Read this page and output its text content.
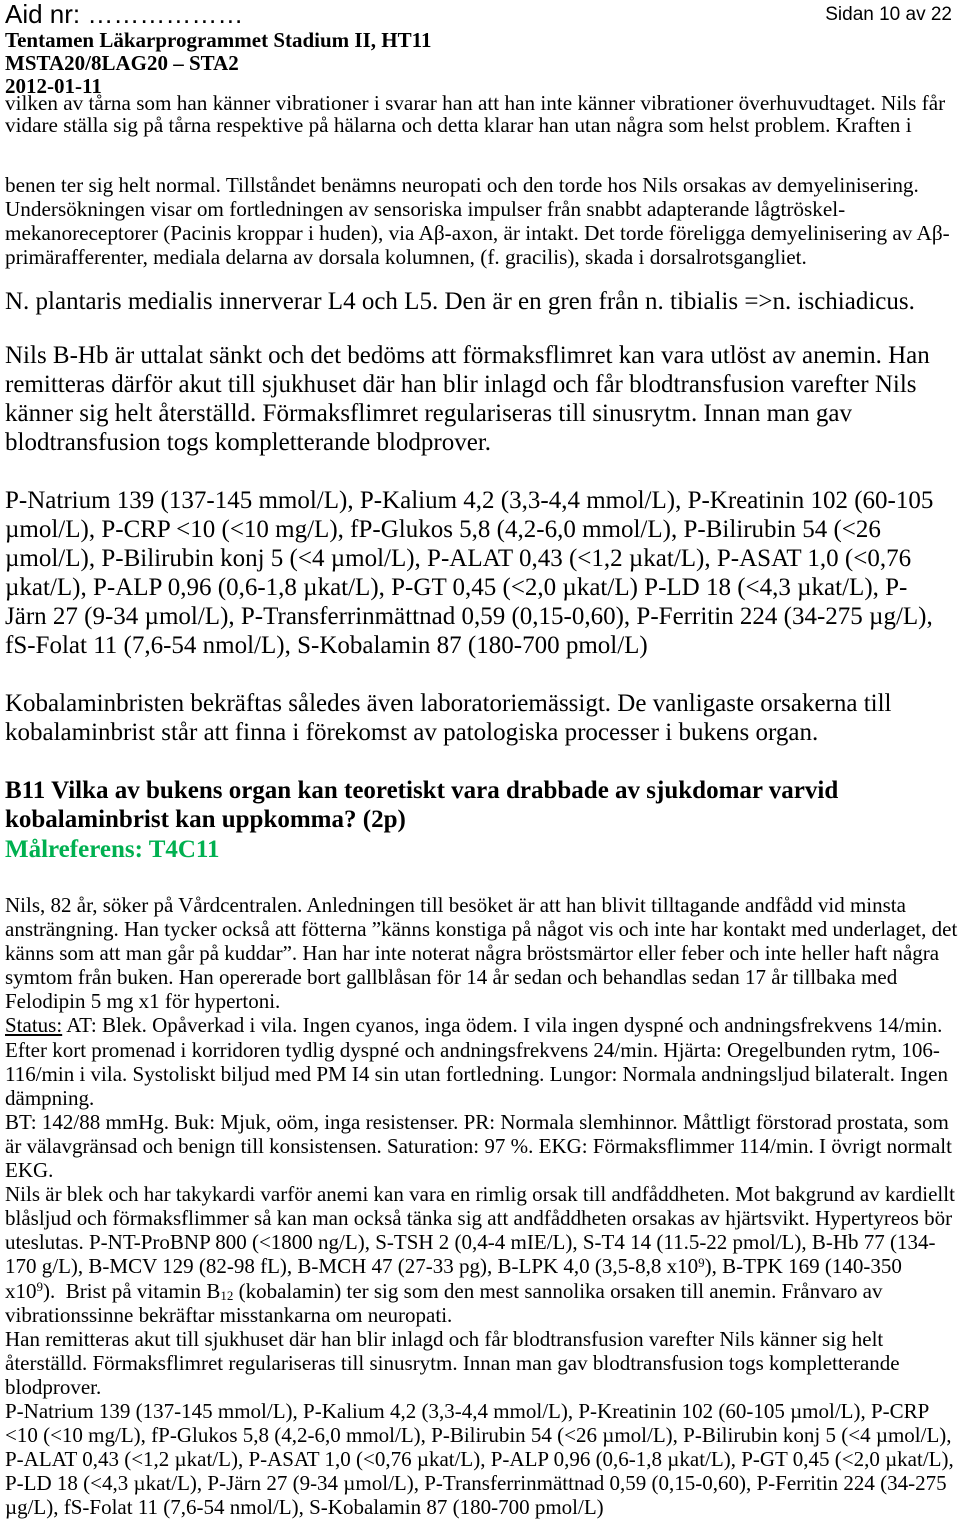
Aid nr: ………………	Sidan 10 av 22
Tentamen Läkarprogrammet Stadium II, HT11
MSTA20/8LAG20 – STA2
2012-01-11
vilken av tårna som han känner vibrationer i svarar han att han inte känner vibrationer överhuvudtaget. Nils får
vidare ställa sig på tårna respektive på hälarna och detta klarar han utan några som helst problem. Kraften i
benen ter sig helt normal. Tillståndet benämns neuropati och den torde hos Nils orsakas av demyelinisering.
Undersökningen visar om fortledningen av sensoriska impulser från snabbt adapterande lågtröskel-
mekanoreceptorer (Pacinis kroppar i huden), via Aβ-axon, är intakt. Det torde föreligga demyelinisering av Aβ-
primärafferenter, mediala delarna av dorsala kolumnen, (f. gracilis), skada i dorsalrotsgangliet.
N. plantaris medialis innerverar L4 och L5. Den är en gren från n. tibialis =>n. ischiadicus.
Nils B-Hb är uttalat sänkt och det bedöms att förmaksflimret kan vara utlöst av anemin. Han
remitteras därför akut till sjukhuset där han blir inlagd och får blodtransfusion varefter Nils
känner sig helt återställd. Förmaksflimret regulariseras till sinusrytm. Innan man gav
blodtransfusion togs kompletterande blodprover.
P-Natrium 139 (137-145 mmol/L), P-Kalium 4,2 (3,3-4,4 mmol/L), P-Kreatinin 102 (60-105
µmol/L), P-CRP <10 (<10 mg/L), fP-Glukos 5,8 (4,2-6,0 mmol/L), P-Bilirubin 54 (<26
µmol/L), P-Bilirubin konj 5 (<4 µmol/L), P-ALAT 0,43 (<1,2 µkat/L), P-ASAT 1,0 (<0,76
µkat/L), P-ALP 0,96 (0,6-1,8 µkat/L), P-GT 0,45 (<2,0 µkat/L) P-LD 18 (<4,3 µkat/L), P-
Järn 27 (9-34 µmol/L), P-Transferrinmättnad 0,59 (0,15-0,60), P-Ferritin 224 (34-275 µg/L),
fS-Folat 11 (7,6-54 nmol/L), S-Kobalamin 87 (180-700 pmol/L)
Kobalaminbristen bekräftas således även laboratoriemässigt. De vanligaste orsakerna till
kobalaminbrist står att finna i förekomst av patologiska processer i bukens organ.
B11 Vilka av bukens organ kan teoretiskt vara drabbade av sjukdomar varvid
kobalaminbrist kan uppkomma? (2p)
Målreferens: T4C11
Nils, 82 år, söker på Vårdcentralen. Anledningen till besöket är att han blivit tilltagande andfådd vid minsta
ansträngning. Han tycker också att fötterna ”känns konstiga på något vis och inte har kontakt med underlaget, det
känns som att man går på kuddar”. Han har inte noterat några bröstsmärtor eller feber och inte heller haft några
symtom från buken. Han opererade bort gallblåsan för 14 år sedan och behandlas sedan 17 år tillbaka med
Felodipin 5 mg x1 för hypertoni.
Status: AT: Blek. Opåverkad i vila. Ingen cyanos, inga ödem. I vila ingen dyspné och andningsfrekvens 14/min.
Efter kort promenad i korridoren tydlig dyspné och andningsfrekvens 24/min. Hjärta: Oregelbunden rytm, 106-
116/min i vila. Systoliskt biljud med PM I4 sin utan fortledning. Lungor: Normala andningsljud bilateralt. Ingen
dämpning.
BT: 142/88 mmHg. Buk: Mjuk, oöm, inga resistenser. PR: Normala slemhinnor. Måttligt förstorad prostata, som
är välavgränsad och benign till konsistensen. Saturation: 97 %. EKG: Förmaksflimmer 114/min. I övrigt normalt
EKG.
Nils är blek och har takykardi varför anemi kan vara en rimlig orsak till andfåddheten. Mot bakgrund av kardiellt
blåsljud och förmaksflimmer så kan man också tänka sig att andfåddheten orsakas av hjärtsvikt. Hypertyreos bör
uteslutas. P-NT-ProBNP 800 (<1800 ng/L), S-TSH 2 (0,4-4 mIE/L), S-T4 14 (11.5-22 pmol/L), B-Hb 77 (134-
170 g/L), B-MCV 129 (82-98 fL), B-MCH 47 (27-33 pg), B-LPK 4,0 (3,5-8,8 $x10^9$), B-TPK 169 (140-350
$x10^9$).  Brist på vitamin $B_{12}$ (kobalamin) ter sig som den mest sannolika orsaken till anemin. Frånvaro av
vibrationssinne bekräftar misstankarna om neuropati.
Han remitteras akut till sjukhuset där han blir inlagd och får blodtransfusion varefter Nils känner sig helt
återställd. Förmaksflimret regulariseras till sinusrytm. Innan man gav blodtransfusion togs kompletterande
blodprover.
P-Natrium 139 (137-145 mmol/L), P-Kalium 4,2 (3,3-4,4 mmol/L), P-Kreatinin 102 (60-105 µmol/L), P-CRP
<10 (<10 mg/L), fP-Glukos 5,8 (4,2-6,0 mmol/L), P-Bilirubin 54 (<26 µmol/L), P-Bilirubin konj 5 (<4 µmol/L),
P-ALAT 0,43 (<1,2 µkat/L), P-ASAT 1,0 (<0,76 µkat/L), P-ALP 0,96 (0,6-1,8 µkat/L), P-GT 0,45 (<2,0 µkat/L),
P-LD 18 (<4,3 µkat/L), P-Järn 27 (9-34 µmol/L), P-Transferrinmättnad 0,59 (0,15-0,60), P-Ferritin 224 (34-275
µg/L), fS-Folat 11 (7,6-54 nmol/L), S-Kobalamin 87 (180-700 pmol/L)
